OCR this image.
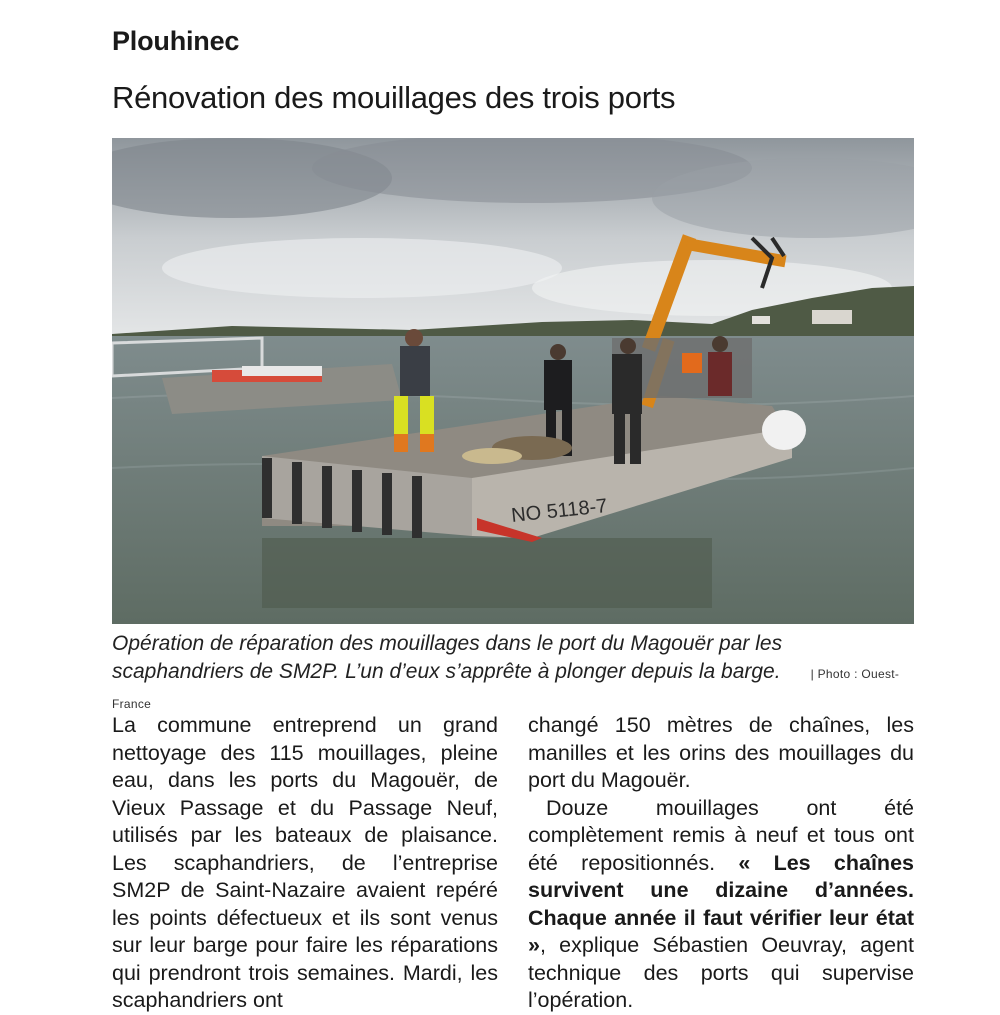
Plouhinec
Rénovation des mouillages des trois ports
NO 5118-7
Opération de réparation des mouillages dans le port du Magouër par les scaphandriers de SM2P. L’un d’eux s’apprête à plonger depuis la barge.	| Photo : Ouest-France

La commune entreprend un grand nettoyage des 115 mouillages, pleine eau, dans les ports du Magouër, de Vieux Passage et du Passage Neuf, utilisés par les bateaux de plaisance. Les scaphandriers, de l’entreprise SM2P de Saint-Nazaire avaient repéré les points défectueux et ils sont venus sur leur barge pour faire les réparations qui prendront trois semaines. Mardi, les scaphandriers ont

changé 150 mètres de chaînes, les manilles et les orins des mouillages du port du Magouër.

Douze mouillages ont été complètement remis à neuf et tous ont été repositionnés. « Les chaînes survivent une dizaine d’années. Chaque année il faut vérifier leur état », explique Sébastien Oeuvray, agent technique des ports qui supervise l’opération.
